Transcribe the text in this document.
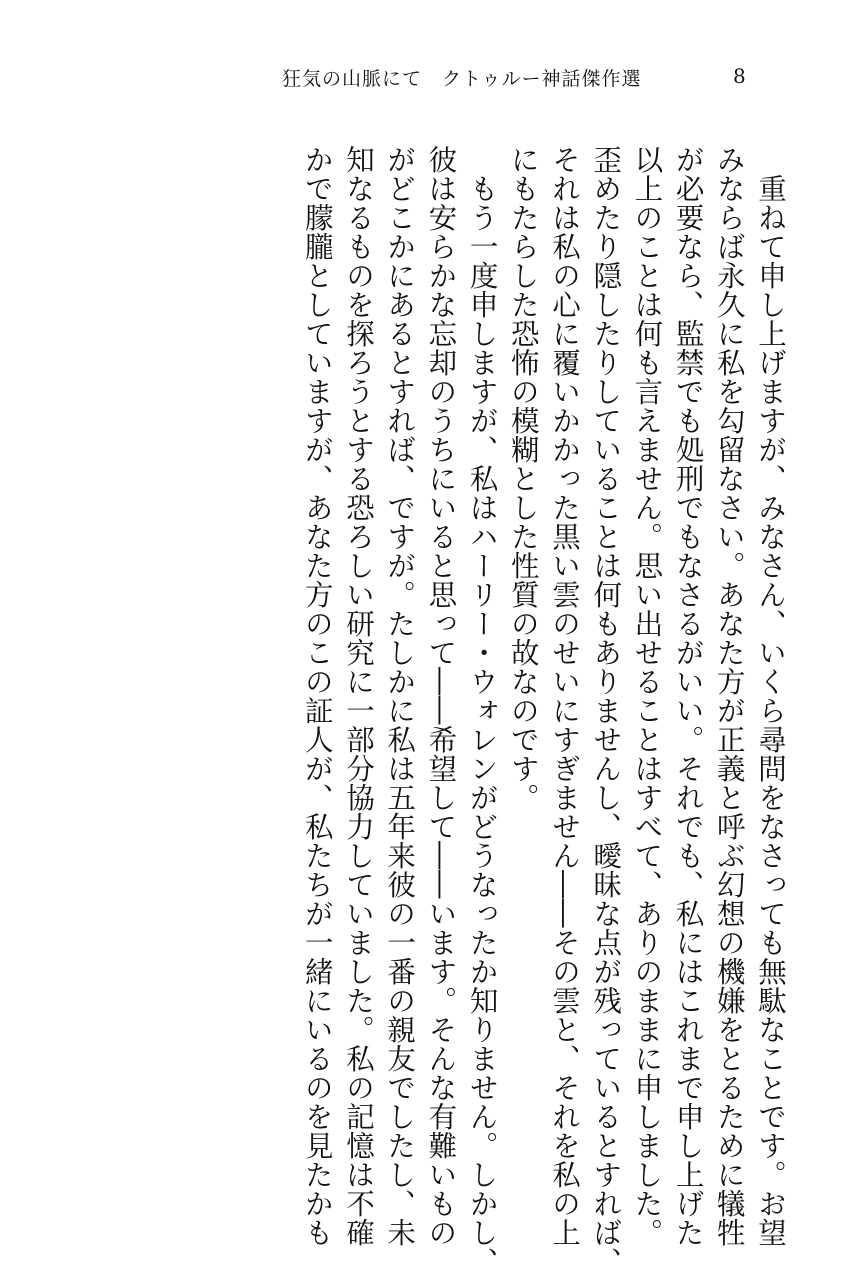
狂気の山脈にて　クトゥルー神話傑作選	8
　重ねて申し上げますが、みなさん、いくら尋問をなさっても無駄なことです。お望
みならば永久に私を勾留なさい。あなた方が正義と呼ぶ幻想の機嫌をとるために犠牲
が必要なら、監禁でも処刑でもなさるがいい。それでも、私にはこれまで申し上げた
以上のことは何も言えません。思い出せることはすべて、ありのままに申しました。
歪めたり隠したりしていることは何もありませんし、曖昧な点が残っているとすれば、
それは私の心に覆いかかった黒い雲のせいにすぎません――その雲と、それを私の上
にもたらした恐怖の模糊とした性質の故なのです。
　もう一度申しますが、私はハーリー・ウォレンがどうなったか知りません。しかし、
彼は安らかな忘却のうちにいると思って――希望して――います。そんな有難いもの
がどこかにあるとすれば、ですが。たしかに私は五年来彼の一番の親友でしたし、未
知なるものを探ろうとする恐ろしい研究に一部分協力していました。私の記憶は不確
かで朦朧としていますが、あなた方のこの証人が、私たちが一緒にいるのを見たかも
